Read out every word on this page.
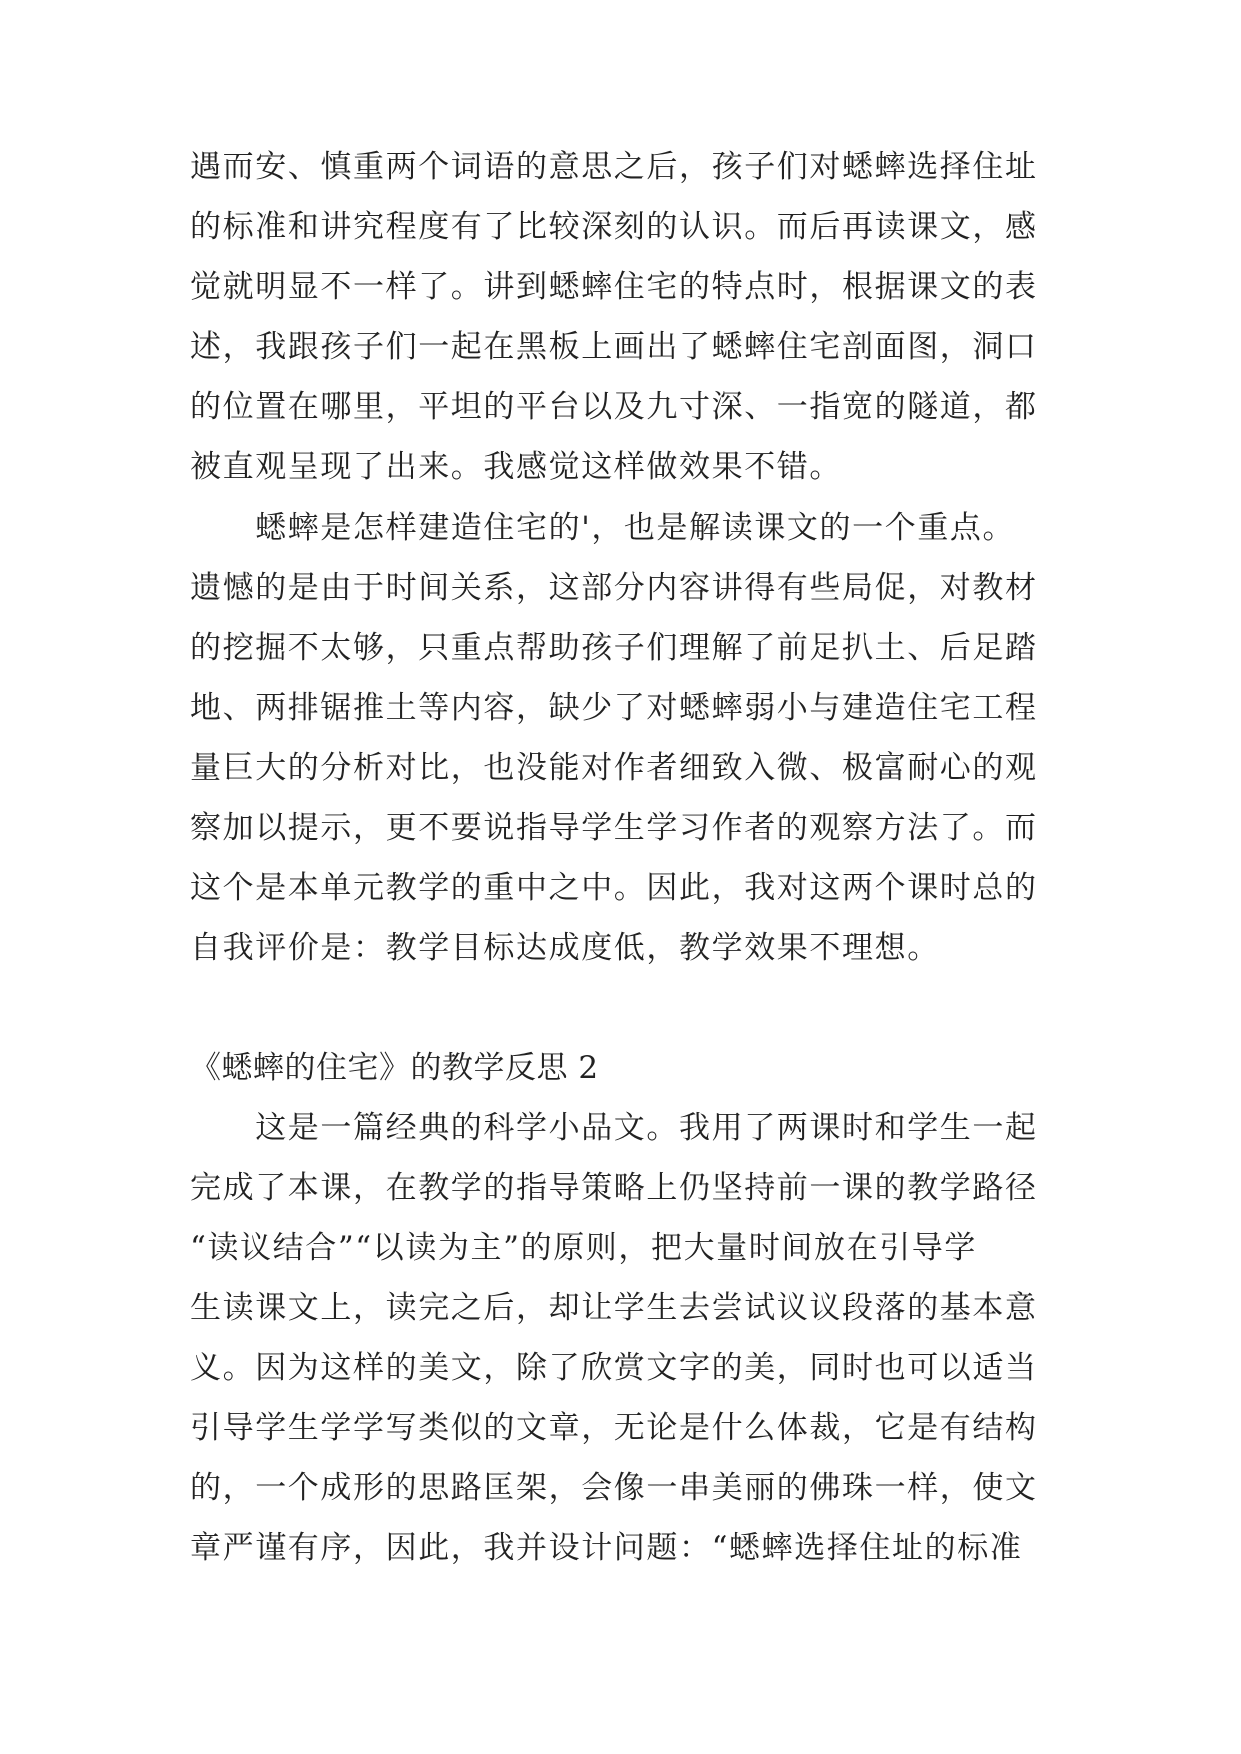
遇而安、慎重两个词语的意思之后，孩子们对蟋蟀选择住址
的标准和讲究程度有了比较深刻的认识。而后再读课文，感
觉就明显不一样了。讲到蟋蟀住宅的特点时，根据课文的表
述，我跟孩子们一起在黑板上画出了蟋蟀住宅剖面图，洞口
的位置在哪里，平坦的平台以及九寸深、一指宽的隧道，都
被直观呈现了出来。我感觉这样做效果不错。
　　蟋蟀是怎样建造住宅的'，也是解读课文的一个重点。
遗憾的是由于时间关系，这部分内容讲得有些局促，对教材
的挖掘不太够，只重点帮助孩子们理解了前足扒土、后足踏
地、两排锯推土等内容，缺少了对蟋蟀弱小与建造住宅工程
量巨大的分析对比，也没能对作者细致入微、极富耐心的观
察加以提示，更不要说指导学生学习作者的观察方法了。而
这个是本单元教学的重中之中。因此，我对这两个课时总的
自我评价是：教学目标达成度低，教学效果不理想。
《蟋蟀的住宅》的教学反思 2
　　这是一篇经典的科学小品文。我用了两课时和学生一起
完成了本课，在教学的指导策略上仍坚持前一课的教学路径
“读议结合”“以读为主”的原则，把大量时间放在引导学
生读课文上，读完之后，却让学生去尝试议议段落的基本意
义。因为这样的美文，除了欣赏文字的美，同时也可以适当
引导学生学学写类似的文章，无论是什么体裁，它是有结构
的，一个成形的思路匡架，会像一串美丽的佛珠一样，使文
章严谨有序，因此，我并设计问题：“蟋蟀选择住址的标准
